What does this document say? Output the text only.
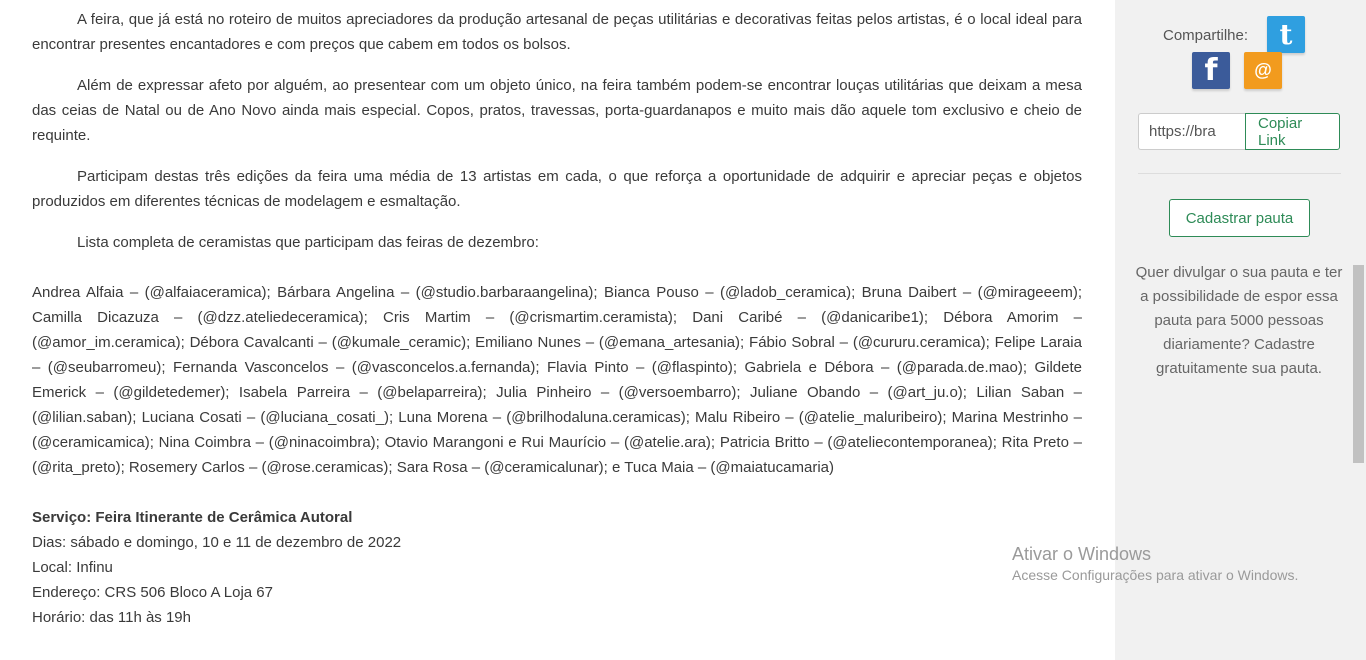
A feira, que já está no roteiro de muitos apreciadores da produção artesanal de peças utilitárias e decorativas feitas pelos artistas, é o local ideal para encontrar presentes encantadores e com preços que cabem em todos os bolsos.

Além de expressar afeto por alguém, ao presentear com um objeto único, na feira também podem-se encontrar louças utilitárias que deixam a mesa das ceias de Natal ou de Ano Novo ainda mais especial. Copos, pratos, travessas, porta-guardanapos e muito mais dão aquele tom exclusivo e cheio de requinte.

Participam destas três edições da feira uma média de 13 artistas em cada, o que reforça a oportunidade de adquirir e apreciar peças e objetos produzidos em diferentes técnicas de modelagem e esmaltação.

Lista completa de ceramistas que participam das feiras de dezembro:

Andrea Alfaia – (@alfaiaceramica); Bárbara Angelina – (@studio.barbaraangelina); Bianca Pouso – (@ladob_ceramica); Bruna Daibert – (@mirageeem); Camilla Dicazuza – (@dzz.ateliedeceramica); Cris Martim – (@crismartim.ceramista); Dani Caribé – (@danicaribe1); Débora Amorim – (@amor_im.ceramica); Débora Cavalcanti – (@kumale_ceramic); Emiliano Nunes – (@emana_artesania); Fábio Sobral – (@cururu.ceramica); Felipe Laraia – (@seubarromeu); Fernanda Vasconcelos – (@vasconcelos.a.fernanda); Flavia Pinto – (@flaspinto); Gabriela e Débora – (@parada.de.mao); Gildete Emerick – (@gildetedemer); Isabela Parreira – (@belaparreira); Julia Pinheiro – (@versoembarro); Juliane Obando – (@art_ju.o); Lilian Saban – (@lilian.saban); Luciana Cosati – (@luciana_cosati_); Luna Morena – (@brilhodaluna.ceramicas); Malu Ribeiro – (@atelie_maluribeiro); Marina Mestrinho – (@ceramicamica); Nina Coimbra – (@ninacoimbra); Otavio Marangoni e Rui Maurício – (@atelie.ara); Patricia Britto – (@ateliecontemporanea); Rita Preto – (@rita_preto); Rosemery Carlos – (@rose.ceramicas); Sara Rosa – (@ceramicalunar); e Tuca Maia – (@maiatucamaria)

Serviço: Feira Itinerante de Cerâmica Autoral

Dias: sábado e domingo, 10 e 11 de dezembro de 2022

Local: Infinu

Endereço: CRS 506 Bloco A Loja 67

Horário: das 11h às 19h

Compartilhe:	t
f	@
https://bra
Copiar Link
Cadastrar pauta
Quer divulgar o sua pauta e ter a possibilidade de espor essa pauta para 5000 pessoas diariamente? Cadastre gratuitamente sua pauta.
Ativar o Windows
Acesse Configurações para ativar o Windows.
